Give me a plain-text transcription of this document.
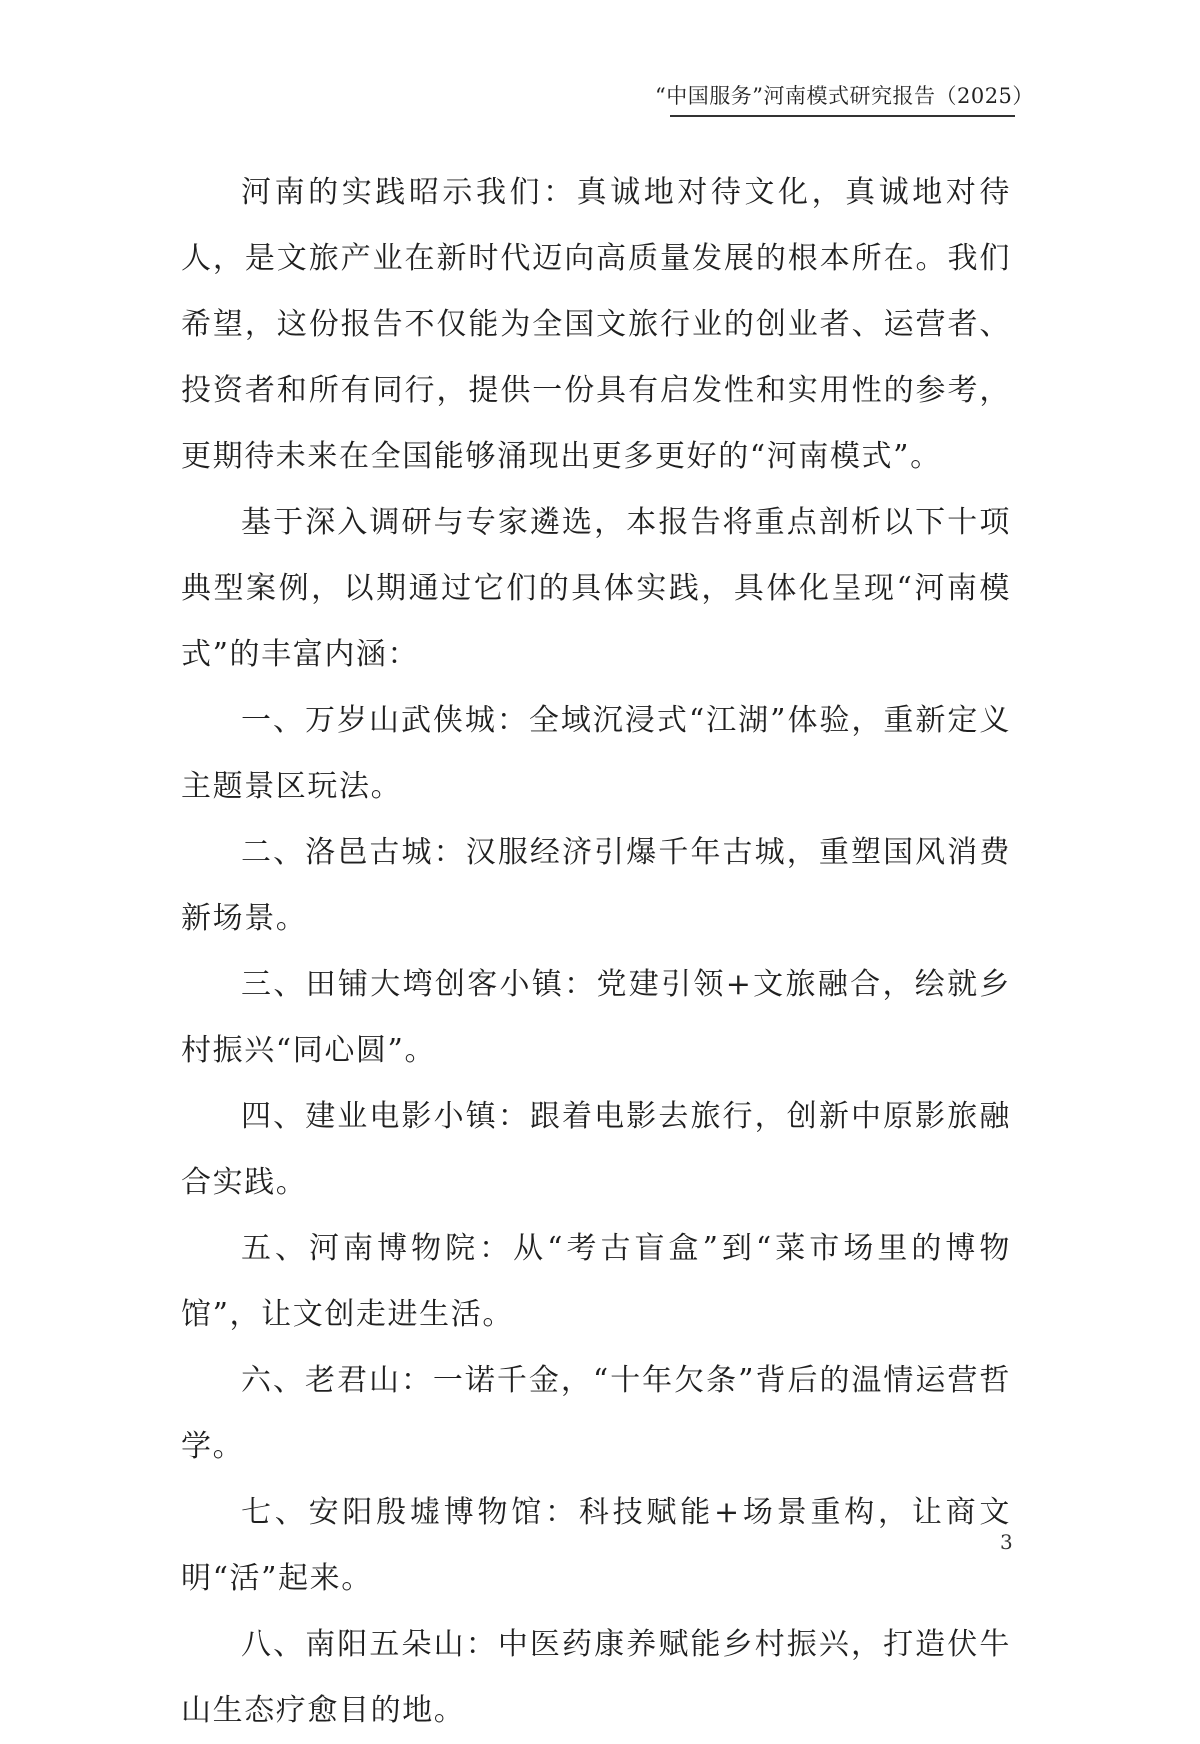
“中国服务”河南模式研究报告（2025）

河南的实践昭示我们：真诚地对待文化，真诚地对待人，是文旅产业在新时代迈向高质量发展的根本所在。我们希望，这份报告不仅能为全国文旅行业的创业者、运营者、投资者和所有同行，提供一份具有启发性和实用性的参考，更期待未来在全国能够涌现出更多更好的“河南模式”。

基于深入调研与专家遴选，本报告将重点剖析以下十项典型案例，以期通过它们的具体实践，具体化呈现“河南模式”的丰富内涵：

一、万岁山武侠城：全域沉浸式“江湖”体验，重新定义主题景区玩法。

二、洛邑古城：汉服经济引爆千年古城，重塑国风消费新场景。

三、田铺大塆创客小镇：党建引领+文旅融合，绘就乡村振兴“同心圆”。

四、建业电影小镇：跟着电影去旅行，创新中原影旅融合实践。

五、河南博物院：从“考古盲盒”到“菜市场里的博物馆”，让文创走进生活。

六、老君山：一诺千金，“十年欠条”背后的温情运营哲学。

七、安阳殷墟博物馆：科技赋能+场景重构，让商文明“活”起来。

八、南阳五朵山：中医药康养赋能乡村振兴，打造伏牛山生态疗愈目的地。

3
